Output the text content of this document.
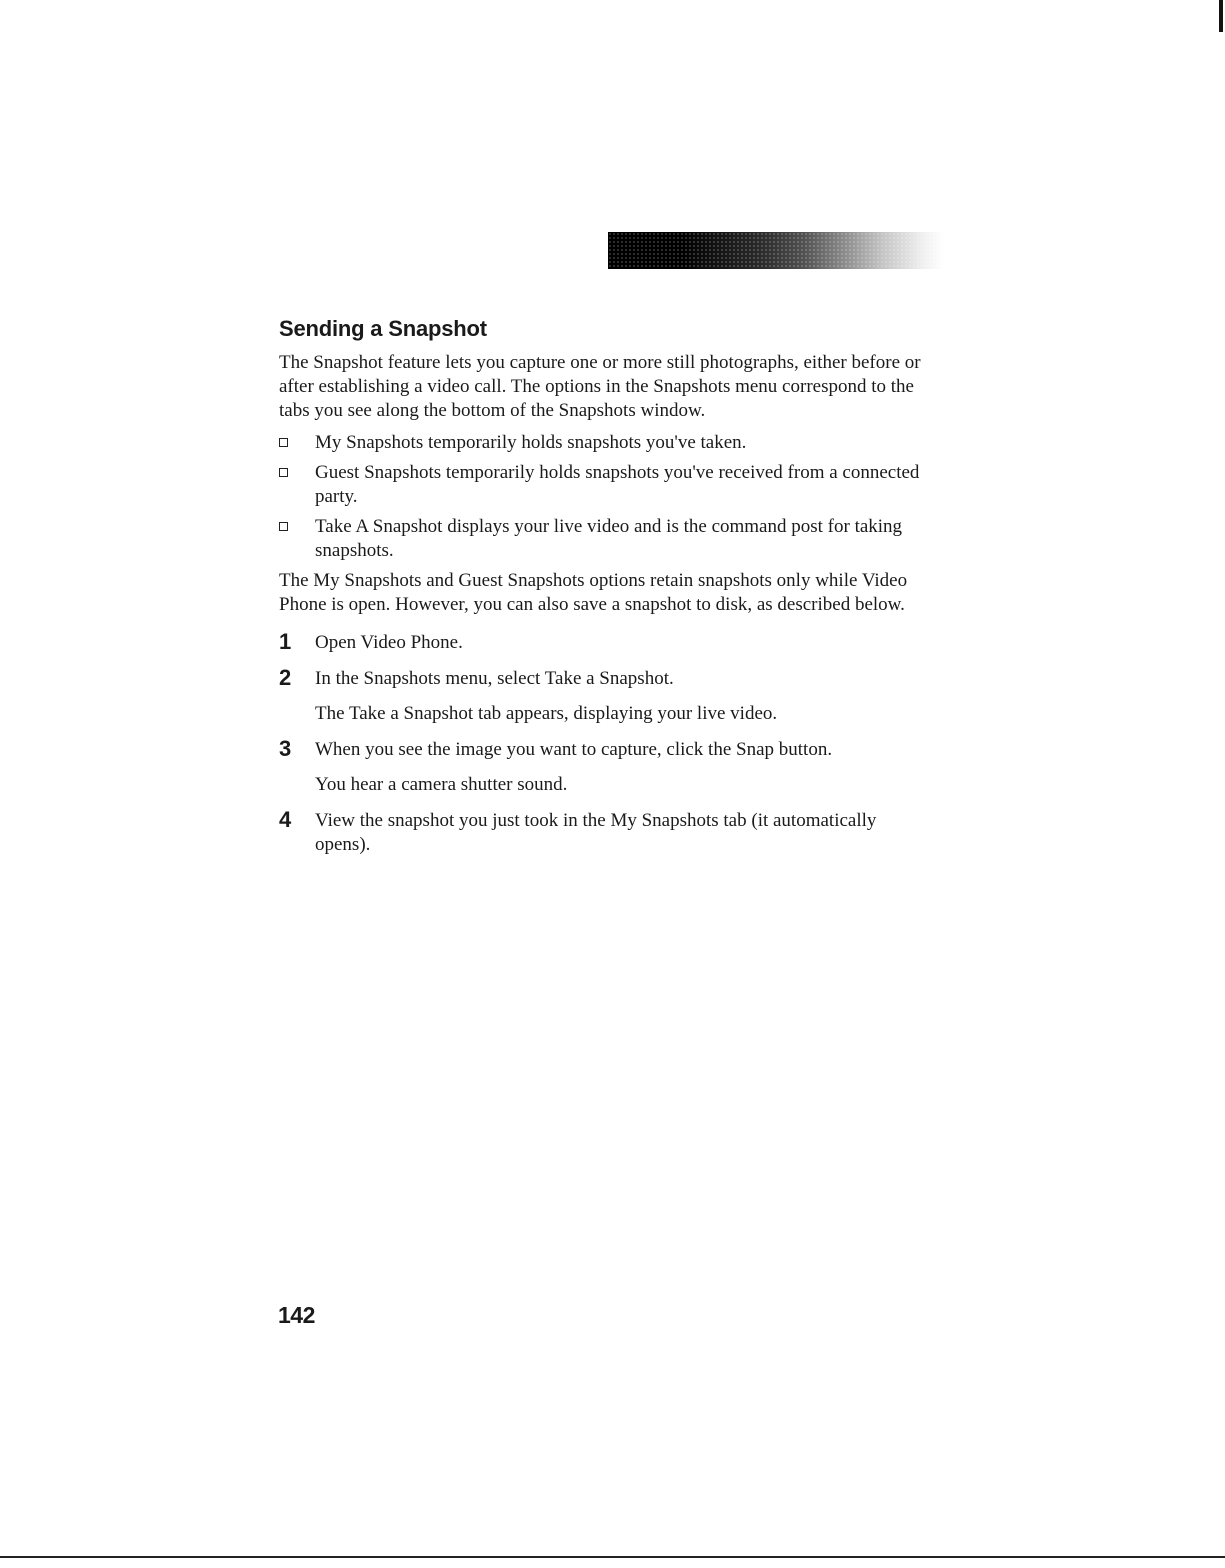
Sending a Snapshot

The Snapshot feature lets you capture one or more still photographs, either before or after establishing a video call. The options in the Snapshots menu correspond to the tabs you see along the bottom of the Snapshots window.

My Snapshots temporarily holds snapshots you've taken.
Guest Snapshots temporarily holds snapshots you've received from a connected party.
Take A Snapshot displays your live video and is the command post for taking snapshots.

The My Snapshots and Guest Snapshots options retain snapshots only while Video Phone is open. However, you can also save a snapshot to disk, as described below.

1 Open Video Phone.
2 In the Snapshots menu, select Take a Snapshot.
The Take a Snapshot tab appears, displaying your live video.
3 When you see the image you want to capture, click the Snap button.
You hear a camera shutter sound.
4 View the snapshot you just took in the My Snapshots tab (it automatically opens).
142
